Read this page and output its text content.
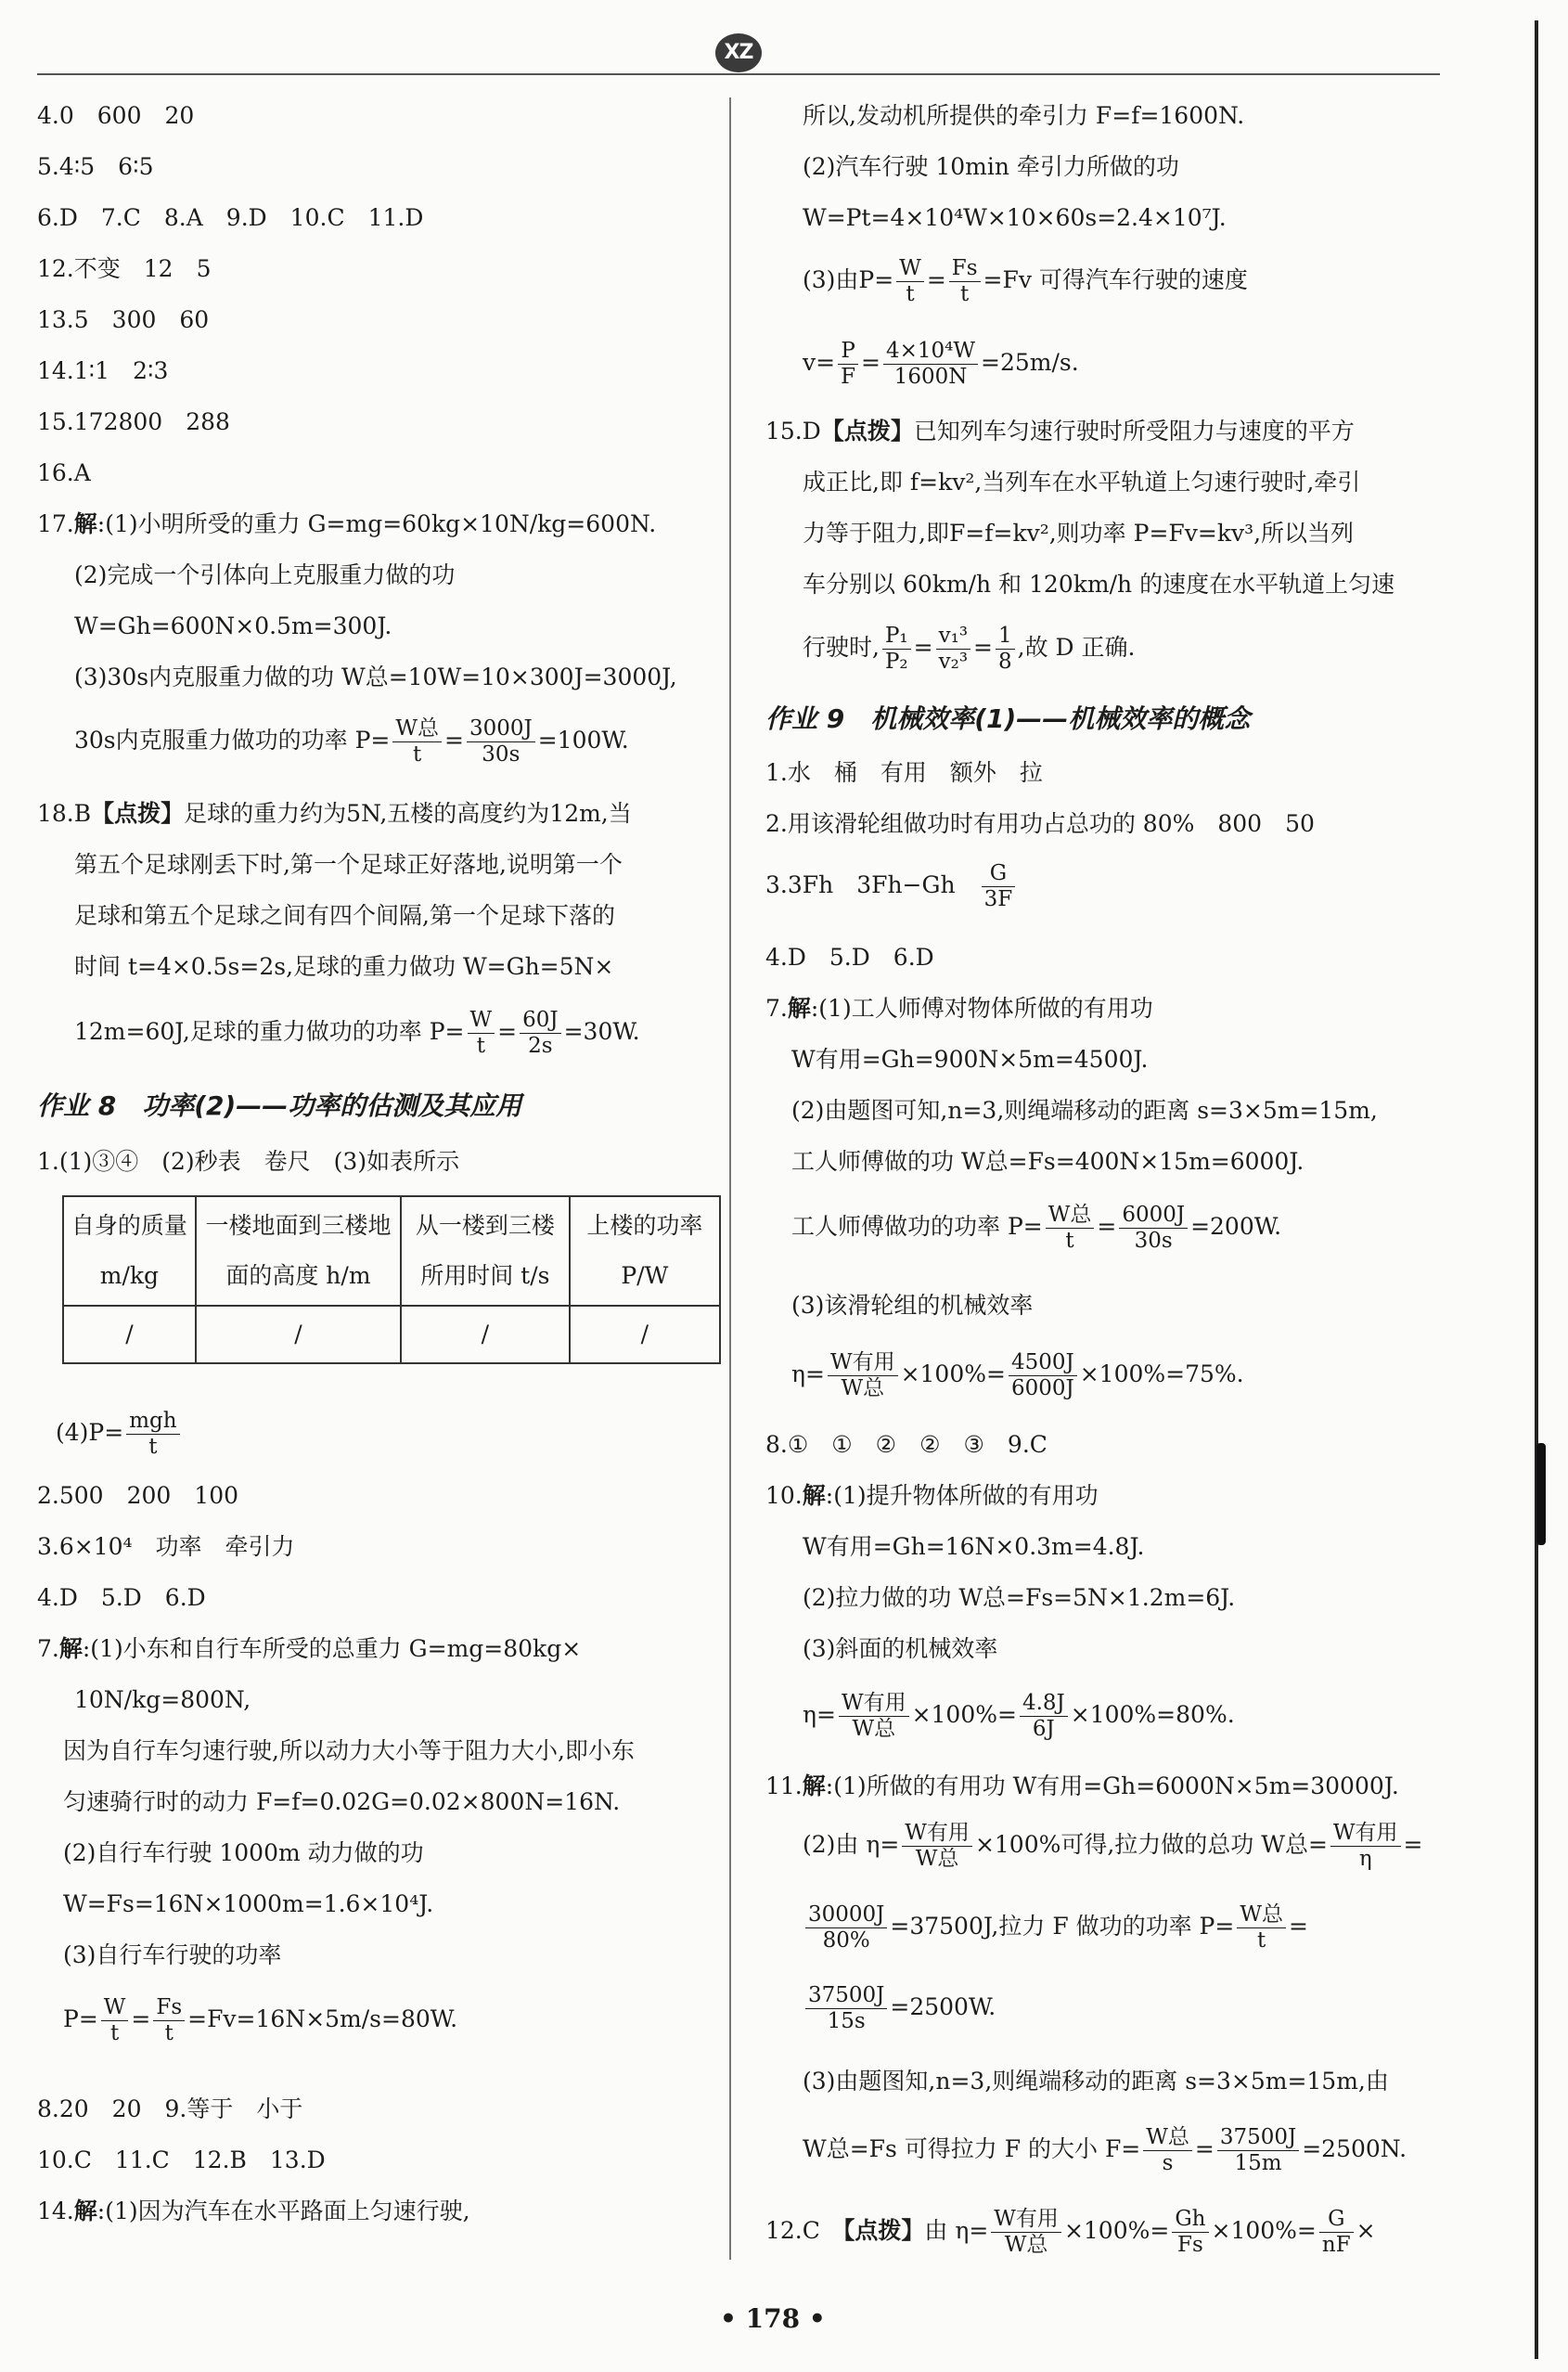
XZ
4.0　600　20
5.4∶5　6∶5
6.D　7.C　8.A　9.D　10.C　11.D
12.不变　12　5
13.5　300　60
14.1∶1　2∶3
15.172800　288
16.A
17.解:(1)小明所受的重力 G=mg=60kg×10N/kg=600N.
(2)完成一个引体向上克服重力做的功
W=Gh=600N×0.5m=300J.
(3)30s内克服重力做的功 W总=10W=10×300J=3000J,
30s内克服重力做功的功率 $P= \frac{\text{W总}}{t} = \frac{3000J}{30s} =100W$.
18.B【点拨】足球的重力约为5N,五楼的高度约为12m,当
第五个足球刚丢下时,第一个足球正好落地,说明第一个
足球和第五个足球之间有四个间隔,第一个足球下落的
时间 t=4×0.5s=2s,足球的重力做功 W=Gh=5N×
12m=60J,足球的重力做功的功率 $P= \frac{W}{t} = \frac{60J}{2s} =30W$.
作业 8　功率(2)——功率的估测及其应用
1.(1)③④　(2)秒表　卷尺　(3)如表所示
自身的质量 m/kg	一楼地面到三楼地面的高度 h/m	从一楼到三楼所用时间 t/s	上楼的功率 P/W
/	/	/	/
$(4)P= \frac{\text{mgh}}{t}$
2.500　200　100
3.6×10⁴　功率　牵引力
4.D　5.D　6.D
7.解:(1)小东和自行车所受的总重力 G=mg=80kg×
10N/kg=800N,
因为自行车匀速行驶,所以动力大小等于阻力大小,即小东
匀速骑行时的动力 F=f=0.02G=0.02×800N=16N.
(2)自行车行驶 1000m 动力做的功
W=Fs=16N×1000m=1.6×10⁴J.
(3)自行车行驶的功率
$P= \frac{W}{t} = \frac{Fs}{t} =Fv=16N\times 5m/s=80W$.
8.20　20　9.等于　小于
10.C　11.C　12.B　13.D
14.解:(1)因为汽车在水平路面上匀速行驶,
所以,发动机所提供的牵引力 F=f=1600N.
(2)汽车行驶 10min 牵引力所做的功
W=Pt=4×10⁴W×10×60s=2.4×10⁷J.
(3)由$P= \frac{W}{t} = \frac{Fs}{t} =Fv$ 可得汽车行驶的速度
$v= \frac{P}{F} = \frac{\text{4×10⁴W}}{1600N} =25m/s$.
15.D【点拨】已知列车匀速行驶时所受阻力与速度的平方
成正比,即 f=kv²,当列车在水平轨道上匀速行驶时,牵引
力等于阻力,即F=f=kv²,则功率 P=Fv=kv³,所以当列
车分别以 60km/h 和 120km/h 的速度在水平轨道上匀速
行驶时, $\frac{\text{P₁}}{\text{P₂}} = \frac{\text{v₁³}}{\text{v₂³}} = \frac{1}{8}$ ,故 D 正确.
作业 9　机械效率(1)——机械效率的概念
1.水　桶　有用　额外　拉
2.用该滑轮组做功时有用功占总功的 80%　800　50
3.3Fh　3Fh−Gh　 $\frac{G}{3F}$
4.D　5.D　6.D
7.解:(1)工人师傅对物体所做的有用功
W有用=Gh=900N×5m=4500J.
(2)由题图可知,n=3,则绳端移动的距离 s=3×5m=15m,
工人师傅做的功 W总=Fs=400N×15m=6000J.
工人师傅做功的功率 $P= \frac{\text{W总}}{t} = \frac{6000J}{30s} =200W$.
(3)该滑轮组的机械效率
$\eta= \frac{\text{W有用}}{\text{W总}} \times 100\%= \frac{4500J}{6000J} \times 100\%=75\%$.
8.①　①　②　②　③　9.C
10.解:(1)提升物体所做的有用功
W有用=Gh=16N×0.3m=4.8J.
(2)拉力做的功 W总=Fs=5N×1.2m=6J.
(3)斜面的机械效率
$\eta= \frac{\text{W有用}}{\text{W总}} \times 100\%= \frac{4.8J}{6J} \times 100\%=80\%$.
11.解:(1)所做的有用功 W有用=Gh=6000N×5m=30000J.
(2)由 $\eta= \frac{\text{W有用}}{\text{W总}} \times 100\%$可得,拉力做的总功 W总= $\frac{\text{W有用}}{\eta}$ =
$\frac{30000J}{80\%} =37500J$,拉力 F 做功的功率 $P= \frac{\text{W总}}{t}$ =
$\frac{37500J}{15s} =2500W$.
(3)由题图知,n=3,则绳端移动的距离 s=3×5m=15m,由
W总=Fs 可得拉力 F 的大小 $F= \frac{\text{W总}}{s} = \frac{37500J}{15m} =2500N$.
12.C　 【点拨】由 $\eta= \frac{\text{W有用}}{\text{W总}} \times 100\%= \frac{Gh}{Fs} \times 100\%= \frac{G}{nF}$ ×
• 178 •
